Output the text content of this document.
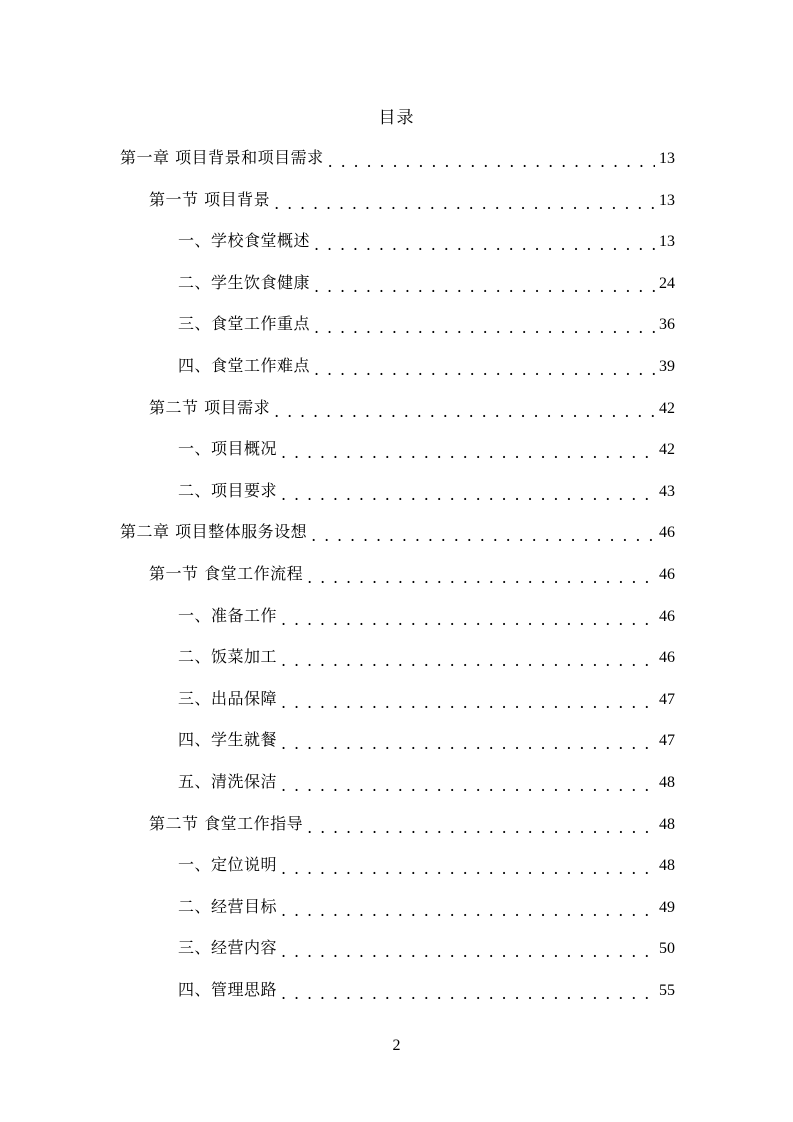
目录
第一章 项目背景和项目需求 . . .	13
第一节 项目背景 . . .	13
一、学校食堂概述 . . .	13
二、学生饮食健康 . . .	24
三、食堂工作重点 . . .	36
四、食堂工作难点 . . .	39
第二节 项目需求 . . .	42
一、项目概况 . . .	42
二、项目要求 . . .	43
第二章 项目整体服务设想 . . .	46
第一节 食堂工作流程 . . .	46
一、准备工作 . . .	46
二、饭菜加工 . . .	46
三、出品保障 . . .	47
四、学生就餐 . . .	47
五、清洗保洁 . . .	48
第二节 食堂工作指导 . . .	48
一、定位说明 . . .	48
二、经营目标 . . .	49
三、经营内容 . . .	50
四、管理思路 . . .	55
2
